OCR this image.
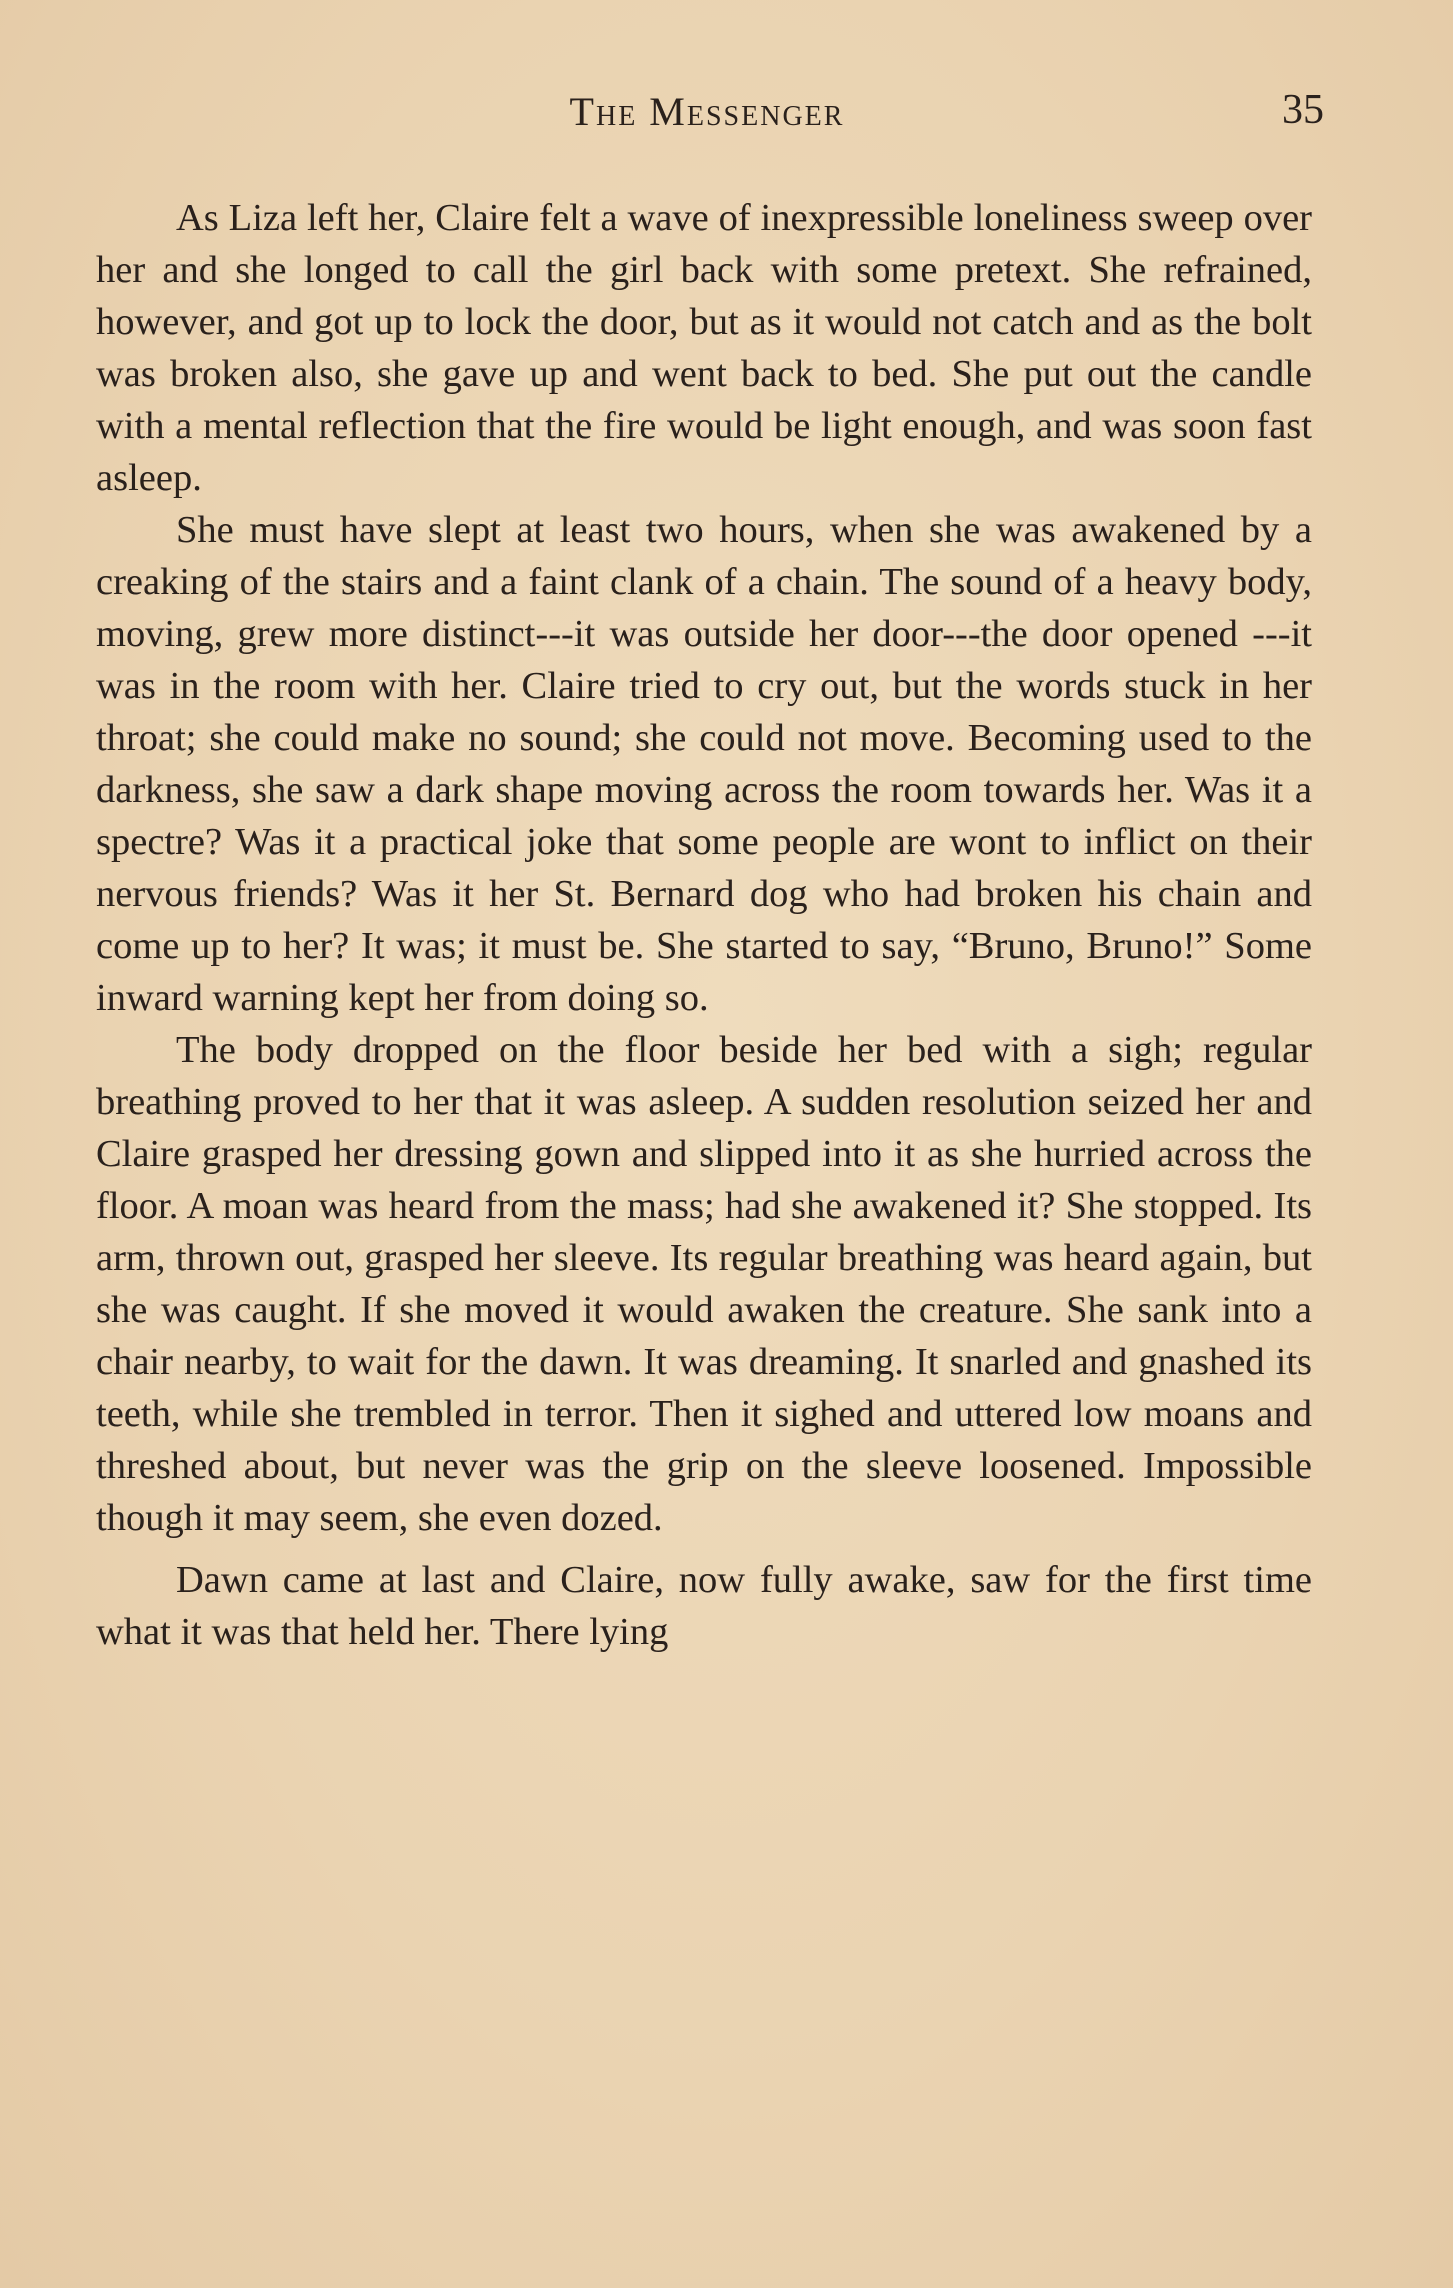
The Messenger	35

As Liza left her, Claire felt a wave of inexpressible loneliness sweep over her and she longed to call the girl back with some pretext. She refrained, however, and got up to lock the door, but as it would not catch and as the bolt was broken also, she gave up and went back to bed. She put out the candle with a mental reflection that the fire would be light enough, and was soon fast asleep.

She must have slept at least two hours, when she was awakened by a creaking of the stairs and a faint clank of a chain. The sound of a heavy body, moving, grew more distinct---it was outside her door---the door opened ---it was in the room with her. Claire tried to cry out, but the words stuck in her throat; she could make no sound; she could not move. Becoming used to the darkness, she saw a dark shape moving across the room towards her. Was it a spectre? Was it a practical joke that some people are wont to inflict on their nervous friends? Was it her St. Bernard dog who had broken his chain and come up to her? It was; it must be. She started to say, “Bruno, Bruno!” Some inward warning kept her from doing so.

The body dropped on the floor beside her bed with a sigh; regular breathing proved to her that it was asleep. A sudden resolution seized her and Claire grasped her dressing gown and slipped into it as she hurried across the floor. A moan was heard from the mass; had she awakened it? She stopped. Its arm, thrown out, grasped her sleeve. Its regular breathing was heard again, but she was caught. If she moved it would awaken the creature. She sank into a chair nearby, to wait for the dawn. It was dreaming. It snarled and gnashed its teeth, while she trembled in terror. Then it sighed and uttered low moans and threshed about, but never was the grip on the sleeve loosened. Impossible though it may seem, she even dozed.

Dawn came at last and Claire, now fully awake, saw for the first time what it was that held her. There lying
